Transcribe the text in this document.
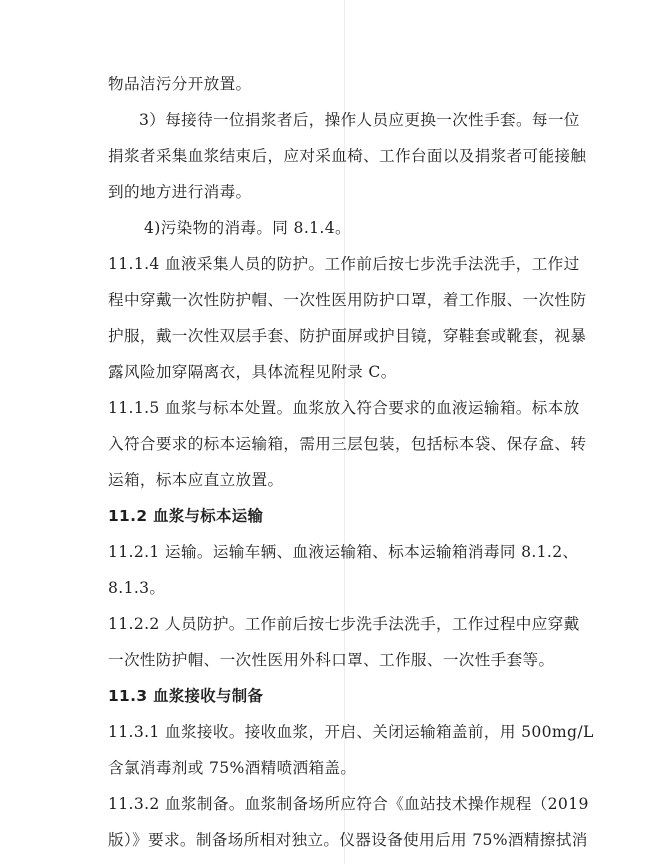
物品洁污分开放置。
3）每接待一位捐浆者后，操作人员应更换一次性手套。每一位
捐浆者采集血浆结束后，应对采血椅、工作台面以及捐浆者可能接触
到的地方进行消毒。
4)污染物的消毒。同 8.1.4。
11.1.4 血液采集人员的防护。工作前后按七步洗手法洗手，工作过
程中穿戴一次性防护帽、一次性医用防护口罩，着工作服、一次性防
护服，戴一次性双层手套、防护面屏或护目镜，穿鞋套或靴套，视暴
露风险加穿隔离衣，具体流程见附录 C。
11.1.5 血浆与标本处置。血浆放入符合要求的血液运输箱。标本放
入符合要求的标本运输箱，需用三层包装，包括标本袋、保存盒、转
运箱，标本应直立放置。
11.2 血浆与标本运输
11.2.1 运输。运输车辆、血液运输箱、标本运输箱消毒同 8.1.2、
8.1.3。
11.2.2 人员防护。工作前后按七步洗手法洗手，工作过程中应穿戴
一次性防护帽、一次性医用外科口罩、工作服、一次性手套等。
11.3 血浆接收与制备
11.3.1 血浆接收。接收血浆，开启、关闭运输箱盖前，用 500mg/L
含氯消毒剂或 75%酒精喷洒箱盖。
11.3.2 血浆制备。血浆制备场所应符合《血站技术操作规程（2019
版）》要求。制备场所相对独立。仪器设备使用后用 75%酒精擦拭消
